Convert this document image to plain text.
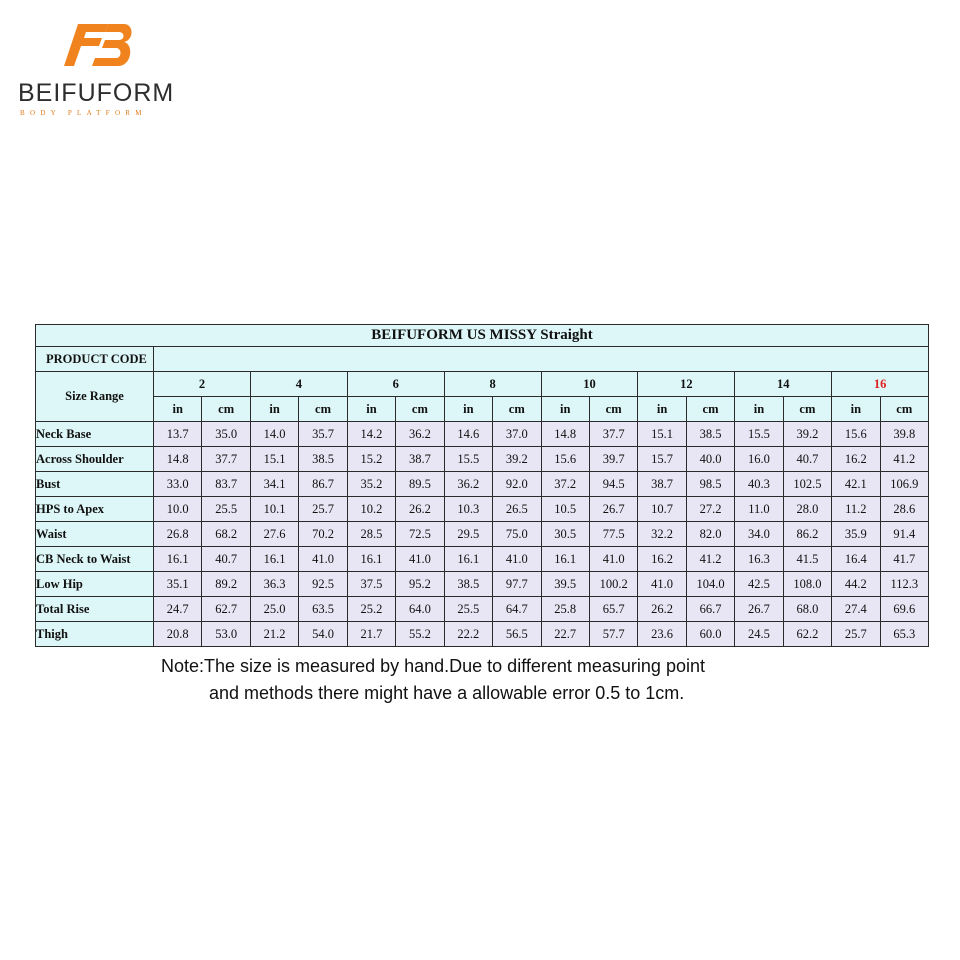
BEIFUFORM
BODY PLATFORM
BEIFUFORM US MISSY Straight																
PRODUCT CODE																
Size Range	2		4		6		8		10		12		14		16	
	in	cm	in	cm	in	cm	in	cm	in	cm	in	cm	in	cm	in	cm
Neck Base	13.7	35.0	14.0	35.7	14.2	36.2	14.6	37.0	14.8	37.7	15.1	38.5	15.5	39.2	15.6	39.8
Across Shoulder	14.8	37.7	15.1	38.5	15.2	38.7	15.5	39.2	15.6	39.7	15.7	40.0	16.0	40.7	16.2	41.2
Bust	33.0	83.7	34.1	86.7	35.2	89.5	36.2	92.0	37.2	94.5	38.7	98.5	40.3	102.5	42.1	106.9
HPS to Apex	10.0	25.5	10.1	25.7	10.2	26.2	10.3	26.5	10.5	26.7	10.7	27.2	11.0	28.0	11.2	28.6
Waist	26.8	68.2	27.6	70.2	28.5	72.5	29.5	75.0	30.5	77.5	32.2	82.0	34.0	86.2	35.9	91.4
CB Neck to Waist	16.1	40.7	16.1	41.0	16.1	41.0	16.1	41.0	16.1	41.0	16.2	41.2	16.3	41.5	16.4	41.7
Low Hip	35.1	89.2	36.3	92.5	37.5	95.2	38.5	97.7	39.5	100.2	41.0	104.0	42.5	108.0	44.2	112.3
Total Rise	24.7	62.7	25.0	63.5	25.2	64.0	25.5	64.7	25.8	65.7	26.2	66.7	26.7	68.0	27.4	69.6
Thigh	20.8	53.0	21.2	54.0	21.7	55.2	22.2	56.5	22.7	57.7	23.6	60.0	24.5	62.2	25.7	65.3
Note:The size is measured by hand.Due to different measuring point
and methods there might have a allowable error 0.5 to 1cm.
